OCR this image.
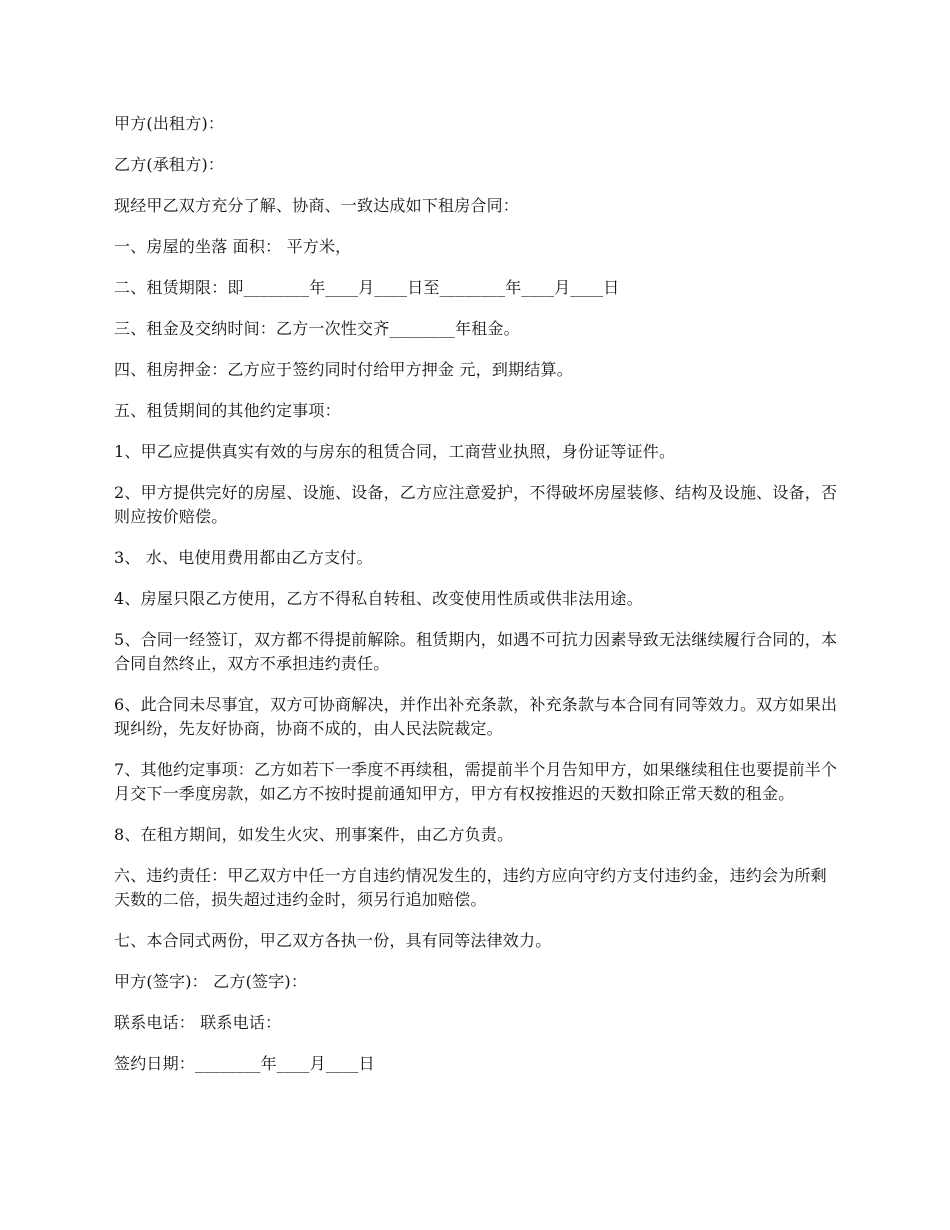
甲方(出租方)：

乙方(承租方)：

现经甲乙双方充分了解、协商、一致达成如下租房合同：

一、房屋的坐落 面积： 平方米，

二、租赁期限：即________年____月____日至________年____月____日

三、租金及交纳时间：乙方一次性交齐________年租金。

四、租房押金：乙方应于签约同时付给甲方押金 元，到期结算。

五、租赁期间的其他约定事项：

1、甲乙应提供真实有效的与房东的租赁合同，工商营业执照，身份证等证件。

2、甲方提供完好的房屋、设施、设备，乙方应注意爱护，不得破坏房屋装修、结构及设施、设备，否则应按价赔偿。

3、 水、电使用费用都由乙方支付。

4、房屋只限乙方使用，乙方不得私自转租、改变使用性质或供非法用途。

5、合同一经签订，双方都不得提前解除。租赁期内，如遇不可抗力因素导致无法继续履行合同的，本合同自然终止，双方不承担违约责任。

6、此合同未尽事宜，双方可协商解决，并作出补充条款，补充条款与本合同有同等效力。双方如果出现纠纷，先友好协商，协商不成的，由人民法院裁定。

7、其他约定事项：乙方如若下一季度不再续租，需提前半个月告知甲方，如果继续租住也要提前半个月交下一季度房款，如乙方不按时提前通知甲方，甲方有权按推迟的天数扣除正常天数的租金。

8、在租方期间，如发生火灾、刑事案件，由乙方负责。

六、违约责任：甲乙双方中任一方自违约情况发生的，违约方应向守约方支付违约金，违约会为所剩天数的二倍，损失超过违约金时，须另行追加赔偿。

七、本合同式两份，甲乙双方各执一份，具有同等法律效力。

甲方(签字)： 乙方(签字)：

联系电话： 联系电话：

签约日期：________年____月____日
